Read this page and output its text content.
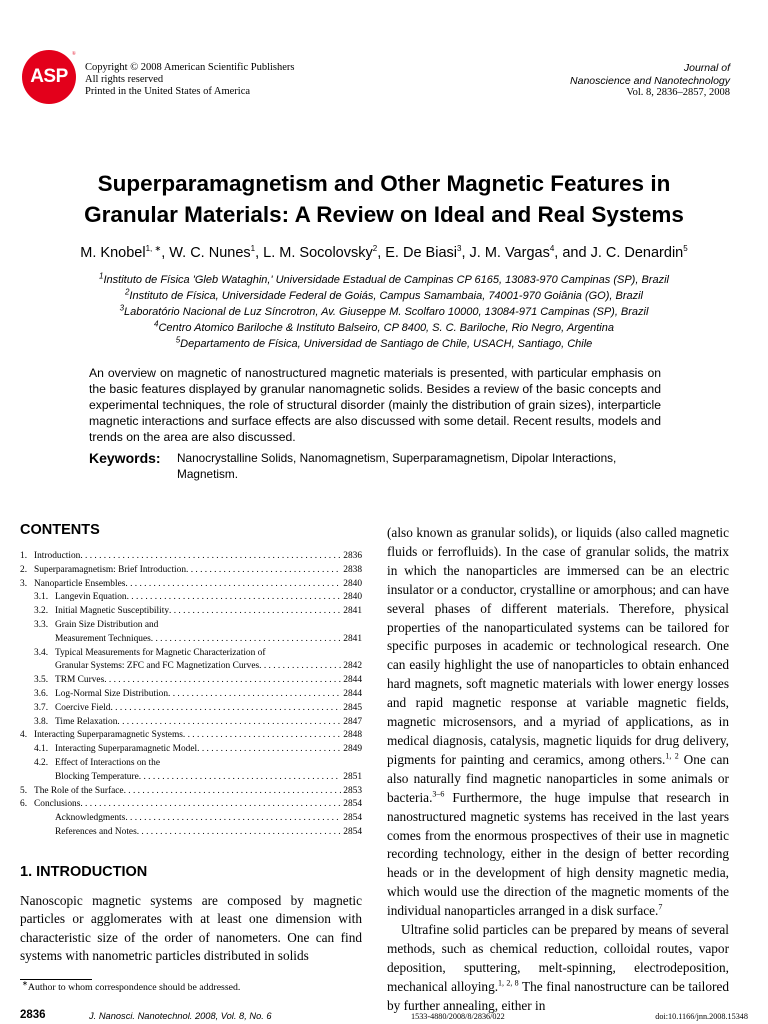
ASP
®
Copyright © 2008 American Scientific Publishers
All rights reserved
Printed in the United States of America
Journal of
Nanoscience and Nanotechnology
Vol. 8, 2836–2857, 2008
Superparamagnetism and Other Magnetic Features in
Granular Materials: A Review on Ideal and Real Systems
M. Knobel$^{1, ∗}$, W. C. Nunes$^1$, L. M. Socolovsky$^2$, E. De Biasi$^3$, J. M. Vargas$^4$, and J. C. Denardin$^5$
$^1$Instituto de Física 'Gleb Wataghin,' Universidade Estadual de Campinas CP 6165, 13083-970 Campinas (SP), Brazil
$^2$Instituto de Física, Universidade Federal de Goiás, Campus Samambaia, 74001-970 Goiânia (GO), Brazil
$^3$Laboratório Nacional de Luz Síncrotron, Av. Giuseppe M. Scolfaro 10000, 13084-971 Campinas (SP), Brazil
$^4$Centro Atomico Bariloche & Instituto Balseiro, CP 8400, S. C. Bariloche, Rio Negro, Argentina
$^5$Departamento de Física, Universidad de Santiago de Chile, USACH, Santiago, Chile
An overview on magnetic of nanostructured magnetic materials is presented, with particular emphasis on the basic features displayed by granular nanomagnetic solids. Besides a review of the basic concepts and experimental techniques, the role of structural disorder (mainly the distribution of grain sizes), interparticle magnetic interactions and surface effects are also discussed with some detail. Recent results, models and trends on the area are also discussed.
Keywords: Nanocrystalline Solids, Nanomagnetism, Superparamagnetism, Dipolar Interactions, Magnetism.
CONTENTS
1. Introduction . . .	2836
2. Superparamagnetism: Brief Introduction . . .	2838
3. Nanoparticle Ensembles . . .	2840
3.1. Langevin Equation . . .	2840
3.2. Initial Magnetic Susceptibility . . .	2841
3.3. Grain Size Distribution and
Measurement Techniques . . .	2841
3.4. Typical Measurements for Magnetic Characterization of
Granular Systems: ZFC and FC Magnetization Curves . . .	2842
3.5. TRM Curves . . .	2844
3.6. Log-Normal Size Distribution . . .	2844
3.7. Coercive Field . . .	2845
3.8. Time Relaxation . . .	2847
4. Interacting Superparamagnetic Systems . . .	2848
4.1. Interacting Superparamagnetic Model . . .	2849
4.2. Effect of Interactions on the
Blocking Temperature . . .	2851
5. The Role of the Surface . . .	2853
6. Conclusions . . .	2854
Acknowledgments . . .	2854
References and Notes . . .	2854
1. INTRODUCTION
Nanoscopic magnetic systems are composed by magnetic particles or agglomerates with at least one dimension with characteristic size of the order of nanometers. One can find systems with nanometric particles distributed in solids
∗Author to whom correspondence should be addressed.

(also known as granular solids), or liquids (also called magnetic fluids or ferrofluids). In the case of granular solids, the matrix in which the nanoparticles are immersed can be an electric insulator or a conductor, crystalline or amorphous; and can have several phases of different materials. Therefore, physical properties of the nanoparticulated systems can be tailored for specific purposes in academic or technological research. One can easily highlight the use of nanoparticles to obtain enhanced hard magnets, soft magnetic materials with lower energy losses and rapid magnetic response at variable magnetic fields, magnetic microsensors, and a myriad of applications, as in medical diagnosis, catalysis, magnetic liquids for drug delivery, pigments for painting and ceramics, among others.$^{1, 2}$ One can also naturally find magnetic nanoparticles in some animals or bacteria.$^{3-6}$ Furthermore, the huge impulse that research in nanostructured magnetic systems has received in the last years comes from the enormous prospectives of their use in magnetic recording technology, either in the design of better recording heads or in the development of high density magnetic media, which would use the direction of the magnetic moments of the individual nanoparticles arranged in a disk surface.$^7$

Ultrafine solid particles can be prepared by means of several methods, such as chemical reduction, colloidal routes, vapor deposition, sputtering, melt-spinning, electrodeposition, mechanical alloying.$^{1, 2, 8}$ The final nanostructure can be tailored by further annealing, either in

2836	J. Nanosci. Nanotechnol. 2008, Vol. 8, No. 6	1533-4880/2008/8/2836/022	doi:10.1166/jnn.2008.15348
